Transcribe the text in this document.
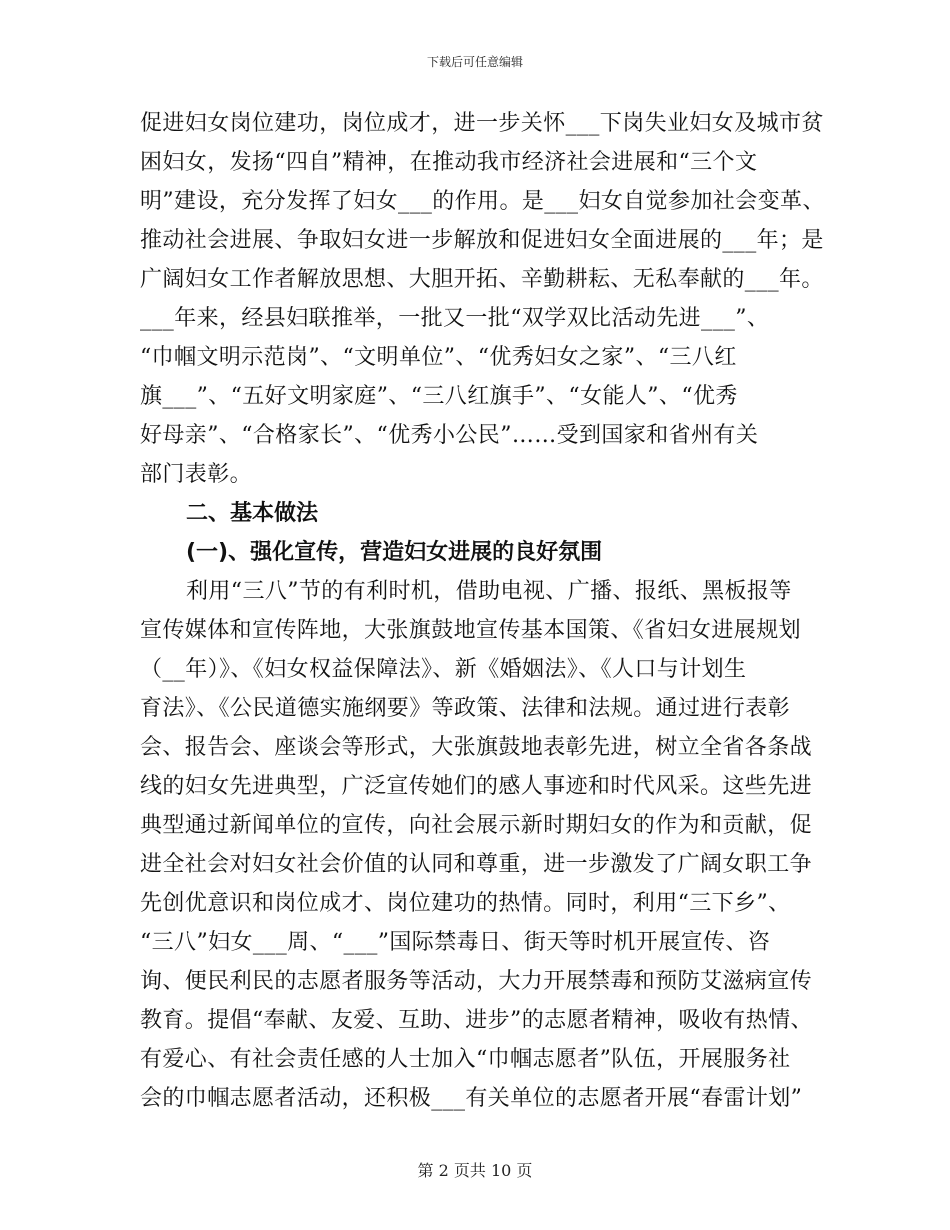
下载后可任意编辑
促进妇女岗位建功，岗位成才，进一步关怀___下岗失业妇女及城市贫
困妇女，发扬“四自”精神，在推动我市经济社会进展和“三个文
明”建设，充分发挥了妇女___的作用。是___妇女自觉参加社会变革、
推动社会进展、争取妇女进一步解放和促进妇女全面进展的___年；是
广阔妇女工作者解放思想、大胆开拓、辛勤耕耘、无私奉献的___年。
___年来，经县妇联推举，一批又一批“双学双比活动先进___”、
“巾帼文明示范岗”、“文明单位”、“优秀妇女之家”、“三八红
旗___”、“五好文明家庭”、“三八红旗手”、“女能人”、“优秀
好母亲”、“合格家长”、“优秀小公民”……受到国家和省州有关
部门表彰。
二、基本做法
(一)、强化宣传，营造妇女进展的良好氛围
利用“三八”节的有利时机，借助电视、广播、报纸、黑板报等
宣传媒体和宣传阵地，大张旗鼓地宣传基本国策、《省妇女进展规划
（__年）》、《妇女权益保障法》、新《婚姻法》、《人口与计划生
育法》、《公民道德实施纲要》等政策、法律和法规。通过进行表彰
会、报告会、座谈会等形式，大张旗鼓地表彰先进，树立全省各条战
线的妇女先进典型，广泛宣传她们的感人事迹和时代风采。这些先进
典型通过新闻单位的宣传，向社会展示新时期妇女的作为和贡献，促
进全社会对妇女社会价值的认同和尊重，进一步激发了广阔女职工争
先创优意识和岗位成才、岗位建功的热情。同时，利用“三下乡”、
“三八”妇女___周、“___”国际禁毒日、街天等时机开展宣传、咨
询、便民利民的志愿者服务等活动，大力开展禁毒和预防艾滋病宣传
教育。提倡“奉献、友爱、互助、进步”的志愿者精神，吸收有热情、
有爱心、有社会责任感的人士加入“巾帼志愿者”队伍，开展服务社
会的巾帼志愿者活动，还积极___有关单位的志愿者开展“春雷计划”
第 2 页共 10 页
